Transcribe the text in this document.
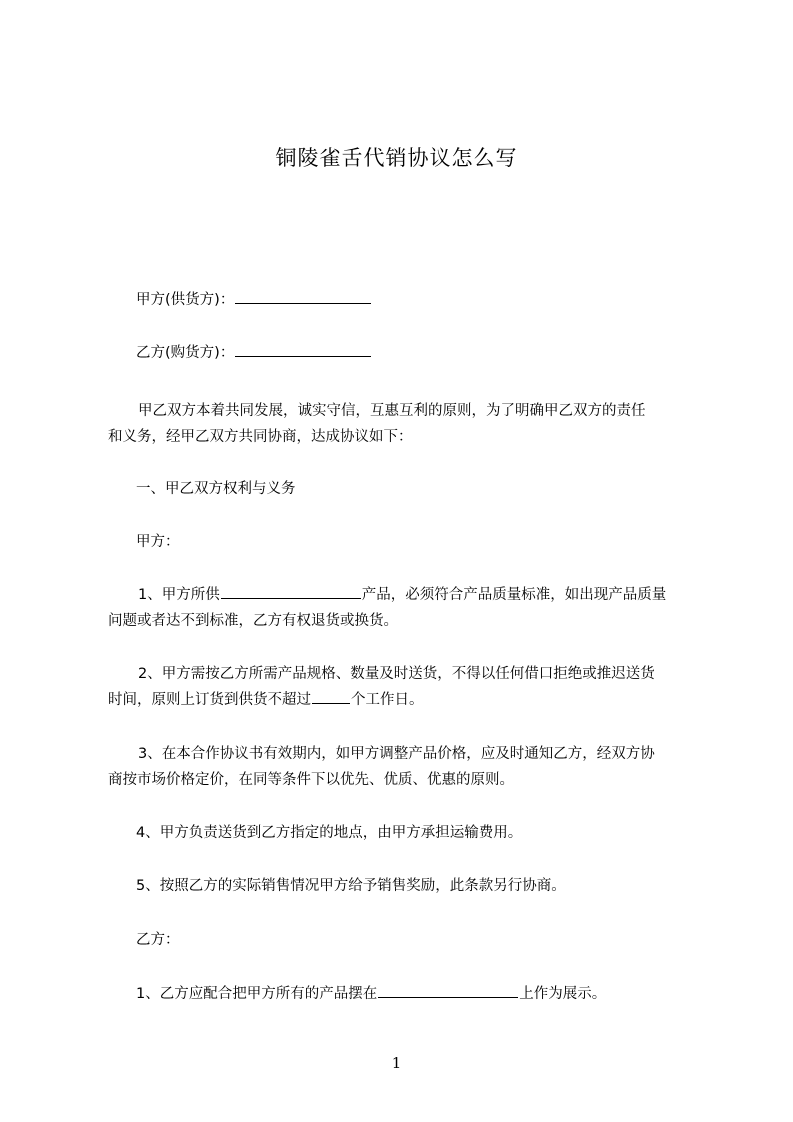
铜陵雀舌代销协议怎么写
甲方(供货方)：
乙方(购货方)：
甲乙双方本着共同发展，诚实守信，互惠互利的原则，为了明确甲乙双方的责任
和义务，经甲乙双方共同协商，达成协议如下：
一、甲乙双方权利与义务
甲方：
1、甲方所供	产品，必须符合产品质量标准，如出现产品质量
问题或者达不到标准，乙方有权退货或换货。
2、甲方需按乙方所需产品规格、数量及时送货，不得以任何借口拒绝或推迟送货
时间，原则上订货到供货不超过	个工作日。
3、在本合作协议书有效期内，如甲方调整产品价格，应及时通知乙方，经双方协
商按市场价格定价，在同等条件下以优先、优质、优惠的原则。
4、甲方负责送货到乙方指定的地点，由甲方承担运输费用。
5、按照乙方的实际销售情况甲方给予销售奖励，此条款另行协商。
乙方：
1、乙方应配合把甲方所有的产品摆在	上作为展示。
1
